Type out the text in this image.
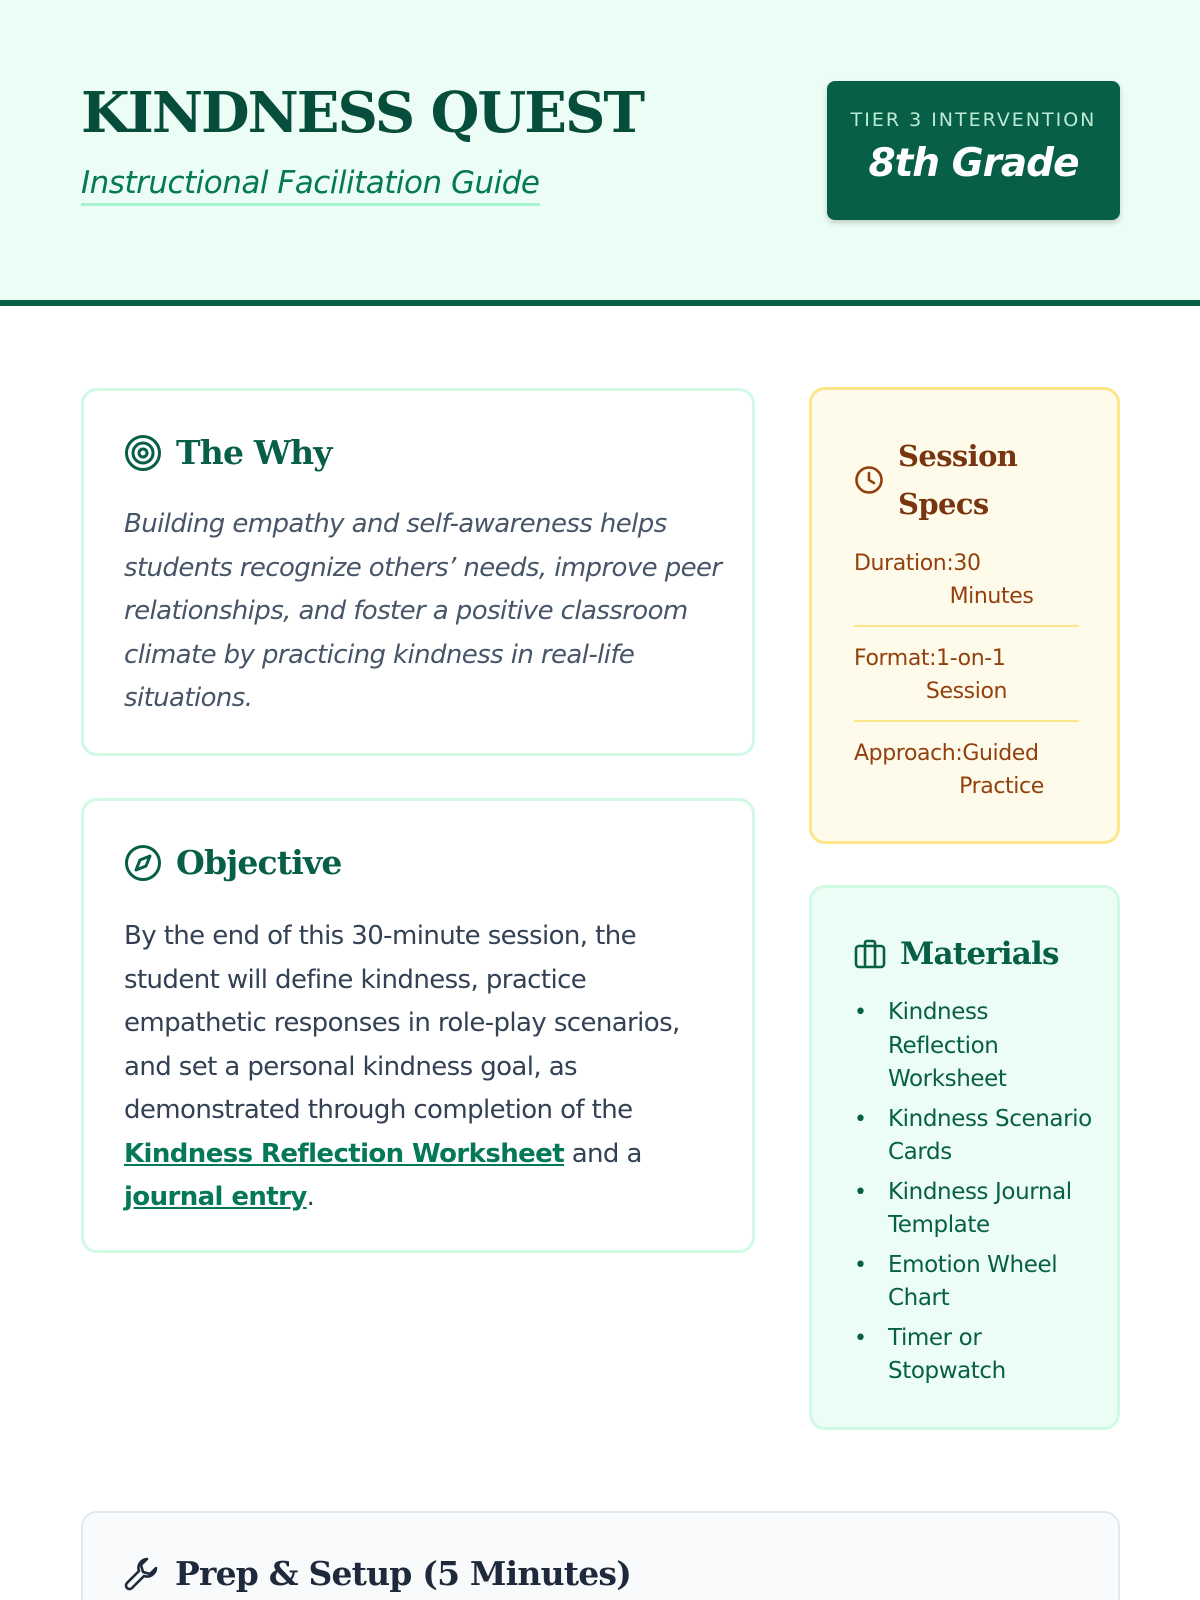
KINDNESS QUEST
Instructional Facilitation Guide
TIER 3 INTERVENTION
8th Grade
The Why

Building empathy and self-awareness helps students recognize others’ needs, improve peer relationships, and foster a positive classroom climate by practicing kindness in real-life situations.

Objective

By the end of this 30-minute session, the student will define kindness, practice empathetic responses in role-play scenarios, and set a personal kindness goal, as demonstrated through completion of the Kindness Reflection Worksheet and a journal entry.

Session
Specs
Duration:30
Minutes
Format:1-on-1
Session
Approach:Guided
Practice
Materials
• Kindness Reflection Worksheet
• Kindness Scenario Cards
• Kindness Journal Template
• Emotion Wheel Chart
• Timer or Stopwatch
Prep & Setup (5 Minutes)
